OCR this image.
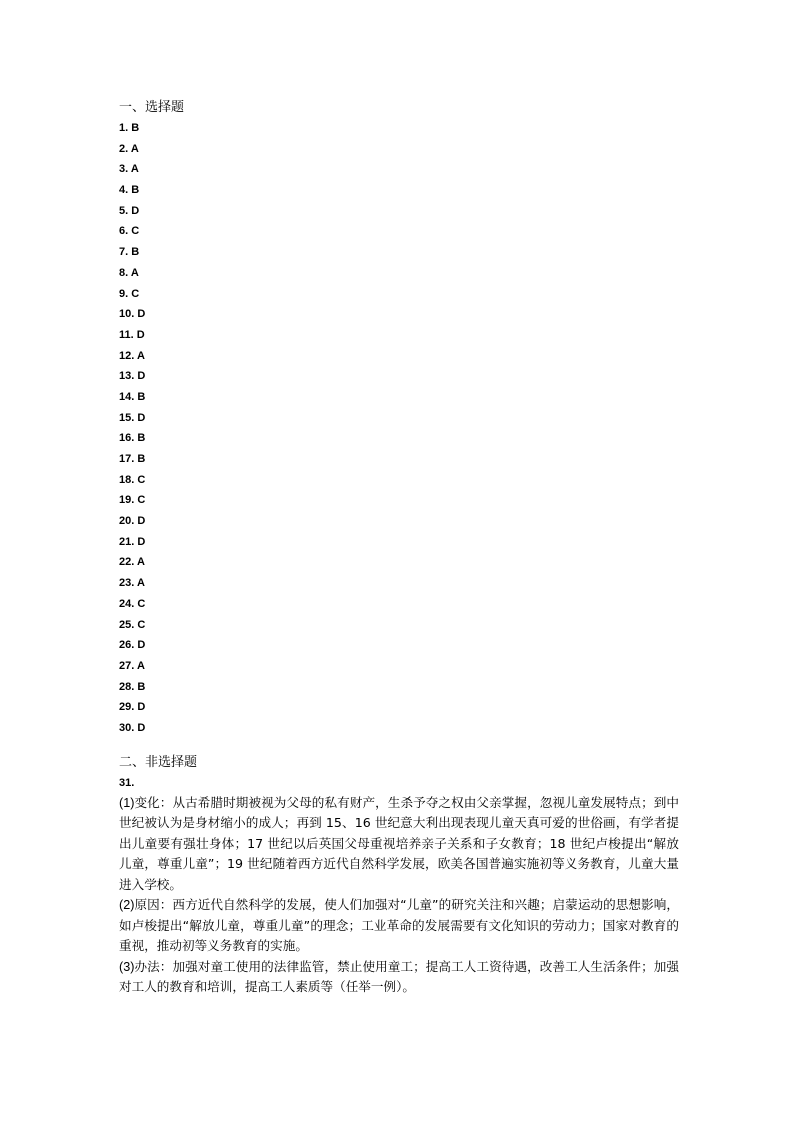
一、选择题
1. B
2. A
3. A
4. B
5. D
6. C
7. B
8. A
9. C
10. D
11. D
12. A
13. D
14. B
15. D
16. B
17. B
18. C
19. C
20. D
21. D
22. A
23. A
24. C
25. C
26. D
27. A
28. B
29. D
30. D
二、非选择题
31.

(1)变化：从古希腊时期被视为父母的私有财产，生杀予夺之权由父亲掌握，忽视儿童发展特点；到中世纪被认为是身材缩小的成人；再到 15、16 世纪意大利出现表现儿童天真可爱的世俗画，有学者提出儿童要有强壮身体；17 世纪以后英国父母重视培养亲子关系和子女教育；18 世纪卢梭提出“解放儿童，尊重儿童”；19 世纪随着西方近代自然科学发展，欧美各国普遍实施初等义务教育，儿童大量进入学校。

(2)原因：西方近代自然科学的发展，使人们加强对“儿童”的研究关注和兴趣；启蒙运动的思想影响，如卢梭提出“解放儿童，尊重儿童”的理念；工业革命的发展需要有文化知识的劳动力；国家对教育的重视，推动初等义务教育的实施。

(3)办法：加强对童工使用的法律监管，禁止使用童工；提高工人工资待遇，改善工人生活条件；加强对工人的教育和培训，提高工人素质等（任举一例）。
